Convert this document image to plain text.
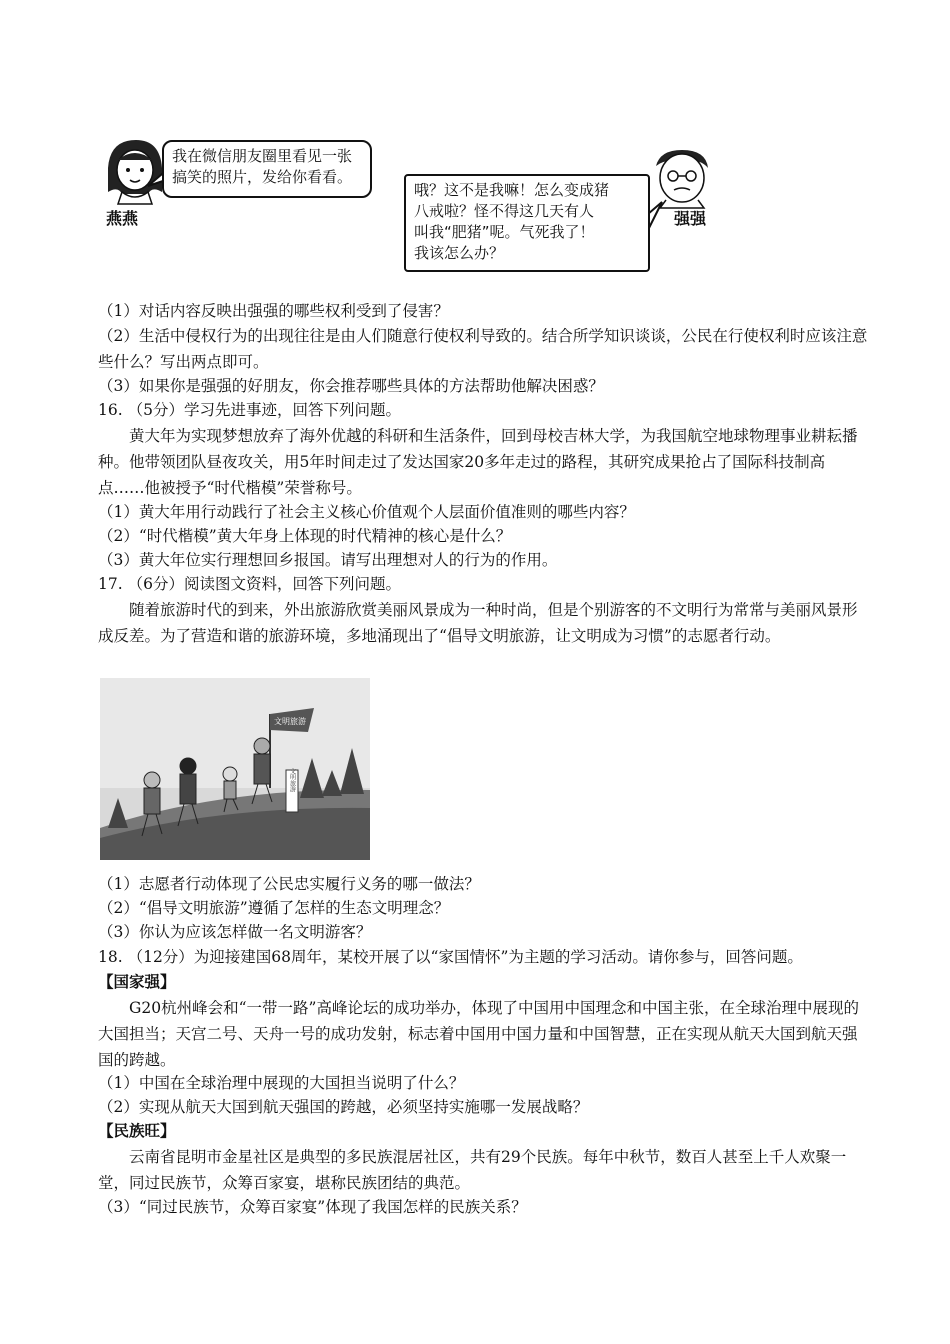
我在微信朋友圈里看见一张
搞笑的照片，发给你看看。
哦？这不是我嘛！怎么变成猪
八戒啦？怪不得这几天有人
叫我“肥猪”呢。气死我了！
我该怎么办？
燕燕	强强
（1）对话内容反映出强强的哪些权利受到了侵害？
（2）生活中侵权行为的出现往往是由人们随意行使权利导致的。结合所学知识谈谈，公民在行使权利时应该注意些什么？写出两点即可。
（3）如果你是强强的好朋友，你会推荐哪些具体的方法帮助他解决困惑？
16. （5分）学习先进事迹，回答下列问题。
黄大年为实现梦想放弃了海外优越的科研和生活条件，回到母校吉林大学，为我国航空地球物理事业耕耘播种。他带领团队昼夜攻关，用5年时间走过了发达国家20多年走过的路程，其研究成果抢占了国际科技制高点……他被授予“时代楷模”荣誉称号。
（1）黄大年用行动践行了社会主义核心价值观个人层面价值准则的哪些内容？
（2）“时代楷模”黄大年身上体现的时代精神的核心是什么？
（3）黄大年位实行理想回乡报国。请写出理想对人的行为的作用。
17. （6分）阅读图文资料，回答下列问题。
随着旅游时代的到来，外出旅游欣赏美丽风景成为一种时尚，但是个别游客的不文明行为常常与美丽风景形成反差。为了营造和谐的旅游环境，多地涌现出了“倡导文明旅游，让文明成为习惯”的志愿者行动。
文明旅游
文明旅游
（1）志愿者行动体现了公民忠实履行义务的哪一做法？
（2）“倡导文明旅游”遵循了怎样的生态文明理念？
（3）你认为应该怎样做一名文明游客？
18. （12分）为迎接建国68周年，某校开展了以“家国情怀”为主题的学习活动。请你参与，回答问题。
【国家强】
G20杭州峰会和“一带一路”高峰论坛的成功举办，体现了中国用中国理念和中国主张，在全球治理中展现的大国担当；天宫二号、天舟一号的成功发射，标志着中国用中国力量和中国智慧，正在实现从航天大国到航天强国的跨越。
（1）中国在全球治理中展现的大国担当说明了什么？
（2）实现从航天大国到航天强国的跨越，必须坚持实施哪一发展战略？
【民族旺】
云南省昆明市金星社区是典型的多民族混居社区，共有29个民族。每年中秋节，数百人甚至上千人欢聚一堂，同过民族节，众筹百家宴，堪称民族团结的典范。
（3）“同过民族节，众筹百家宴”体现了我国怎样的民族关系？
